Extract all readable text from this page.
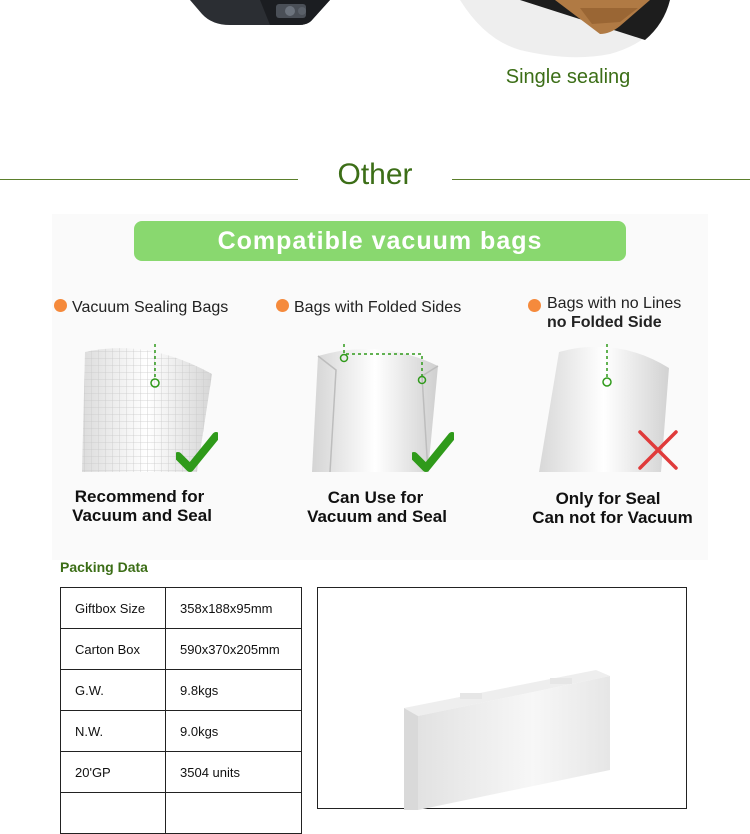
Single sealing
Other
Compatible vacuum bags
Vacuum Sealing Bags
Recommend for
Vacuum and Seal
Bags with Folded Sides
Can Use for
Vacuum and Seal
Bags with no Lines
no Folded Side
Only for Seal
Can not for Vacuum
Packing Data
Giftbox Size	358x188x95mm
Carton Box	590x370x205mm
G.W.	9.8kgs
N.W.	9.0kgs
20'GP	3504 units
